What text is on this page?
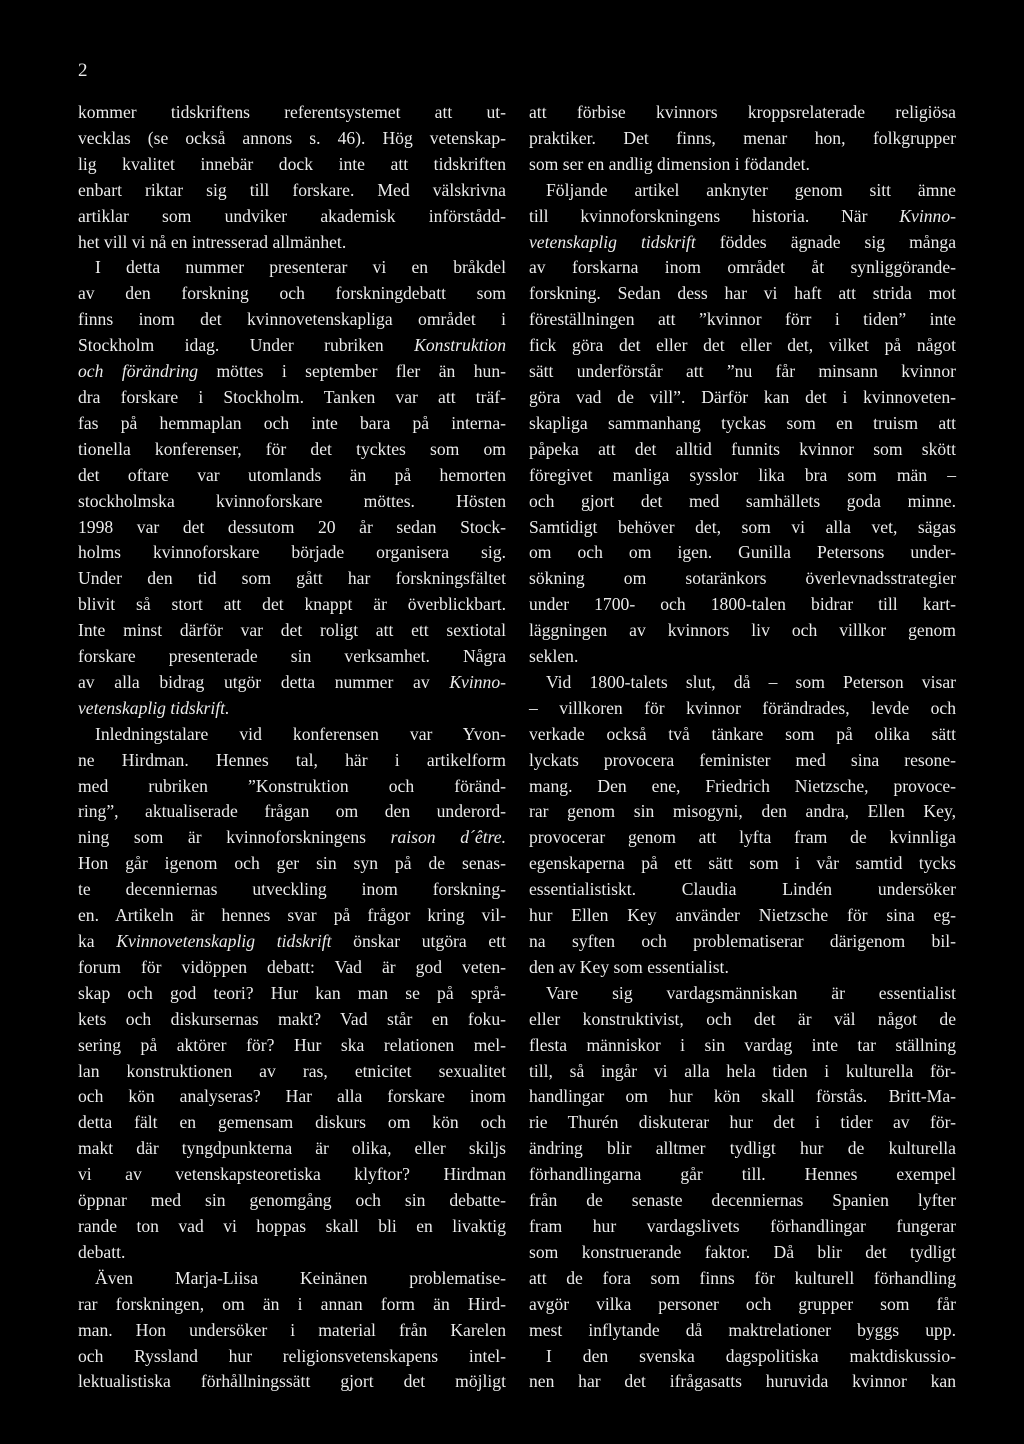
2

kommer tidskriftens referentsystemet att ut-

vecklas (se också annons s. 46). Hög vetenskap-

lig kvalitet innebär dock inte att tidskriften

enbart riktar sig till forskare. Med välskrivna

artiklar som undviker akademisk införstådd-

het vill vi nå en intresserad allmänhet.

I detta nummer presenterar vi en bråkdel

av den forskning och forskningdebatt som

finns inom det kvinnovetenskapliga området i

Stockholm idag. Under rubriken Konstruktion

och förändring möttes i september fler än hun-

dra forskare i Stockholm. Tanken var att träf-

fas på hemmaplan och inte bara på interna-

tionella konferenser, för det tycktes som om

det oftare var utomlands än på hemorten

stockholmska kvinnoforskare möttes. Hösten

1998 var det dessutom 20 år sedan Stock-

holms kvinnoforskare började organisera sig.

Under den tid som gått har forskningsfältet

blivit så stort att det knappt är överblickbart.

Inte minst därför var det roligt att ett sextiotal

forskare presenterade sin verksamhet. Några

av alla bidrag utgör detta nummer av Kvinno-

vetenskaplig tidskrift.

Inledningstalare vid konferensen var Yvon-

ne Hirdman. Hennes tal, här i artikelform

med rubriken ”Konstruktion och föränd-

ring”, aktualiserade frågan om den underord-

ning som är kvinnoforskningens raison d´être.

Hon går igenom och ger sin syn på de senas-

te decenniernas utveckling inom forskning-

en. Artikeln är hennes svar på frågor kring vil-

ka Kvinnovetenskaplig tidskrift önskar utgöra ett

forum för vidöppen debatt: Vad är god veten-

skap och god teori? Hur kan man se på språ-

kets och diskursernas makt? Vad står en foku-

sering på aktörer för? Hur ska relationen mel-

lan konstruktionen av ras, etnicitet sexualitet

och kön analyseras? Har alla forskare inom

detta fält en gemensam diskurs om kön och

makt där tyngdpunkterna är olika, eller skiljs

vi av vetenskapsteoretiska klyftor? Hirdman

öppnar med sin genomgång och sin debatte-

rande ton vad vi hoppas skall bli en livaktig

debatt.

Även Marja-Liisa Keinänen problematise-

rar forskningen, om än i annan form än Hird-

man. Hon undersöker i material från Karelen

och Ryssland hur religionsvetenskapens intel-

lektualistiska förhållningssätt gjort det möjligt

att förbise kvinnors kroppsrelaterade religiösa

praktiker. Det finns, menar hon, folkgrupper

som ser en andlig dimension i födandet.

Följande artikel anknyter genom sitt ämne

till kvinnoforskningens historia. När Kvinno-

vetenskaplig tidskrift föddes ägnade sig många

av forskarna inom området åt synliggörande-

forskning. Sedan dess har vi haft att strida mot

föreställningen att ”kvinnor förr i tiden” inte

fick göra det eller det eller det, vilket på något

sätt underförstår att ”nu får minsann kvinnor

göra vad de vill”. Därför kan det i kvinnoveten-

skapliga sammanhang tyckas som en truism att

påpeka att det alltid funnits kvinnor som skött

föregivet manliga sysslor lika bra som män –

och gjort det med samhällets goda minne.

Samtidigt behöver det, som vi alla vet, sägas

om och om igen. Gunilla Petersons under-

sökning om sotaränkors överlevnadsstrategier

under 1700- och 1800-talen bidrar till kart-

läggningen av kvinnors liv och villkor genom

seklen.

Vid 1800-talets slut, då – som Peterson visar

– villkoren för kvinnor förändrades, levde och

verkade också två tänkare som på olika sätt

lyckats provocera feminister med sina resone-

mang. Den ene, Friedrich Nietzsche, provoce-

rar genom sin misogyni, den andra, Ellen Key,

provocerar genom att lyfta fram de kvinnliga

egenskaperna på ett sätt som i vår samtid tycks

essentialistiskt. Claudia Lindén undersöker

hur Ellen Key använder Nietzsche för sina eg-

na syften och problematiserar därigenom bil-

den av Key som essentialist.

Vare sig vardagsmänniskan är essentialist

eller konstruktivist, och det är väl något de

flesta människor i sin vardag inte tar ställning

till, så ingår vi alla hela tiden i kulturella för-

handlingar om hur kön skall förstås. Britt-Ma-

rie Thurén diskuterar hur det i tider av för-

ändring blir alltmer tydligt hur de kulturella

förhandlingarna går till. Hennes exempel

från de senaste decenniernas Spanien lyfter

fram hur vardagslivets förhandlingar fungerar

som konstruerande faktor. Då blir det tydligt

att de fora som finns för kulturell förhandling

avgör vilka personer och grupper som får

mest inflytande då maktrelationer byggs upp.

I den svenska dagspolitiska maktdiskussio-

nen har det ifrågasatts huruvida kvinnor kan
